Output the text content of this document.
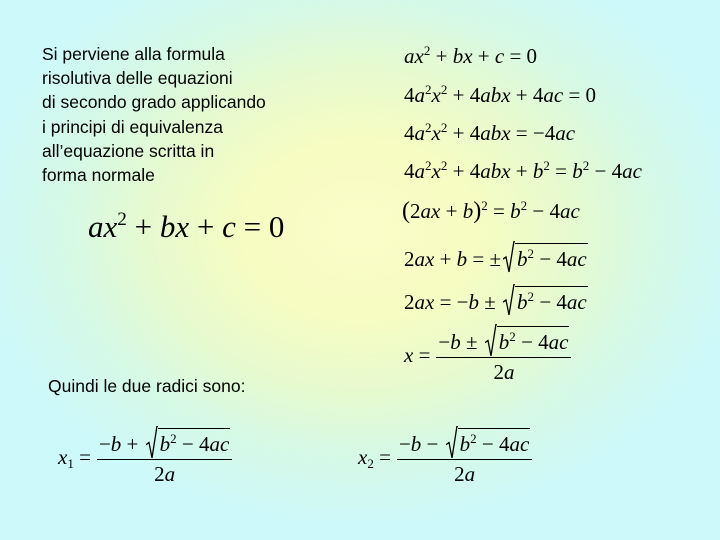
Si perviene alla formula
risolutiva delle equazioni
di secondo grado applicando
i principi di equivalenza
all’equazione scritta in
forma normale
$ax^2$ + bx + c = 0
$ax^2$ + bx + c = 0
$4a^2x^2 + 4abx + 4ac = 0$
$4a^2x^2 + 4abx = -4ac$
$4a^2x^2 + 4abx + b^2 = b^2 - 4ac$
$(2ax + b)^2 = b^2 - 4ac$
2ax + b = ± $b^2 - 4ac$
2ax = −b ±
$b^2 - 4ac$
x = −b ±
$b^2 - 4ac$
2a
Quindi le due radici sono:
$x_1 = -b$ +
$b^2 - 4ac$
2a	$x_2 = -b$ −
$b^2 - 4ac$
2a
